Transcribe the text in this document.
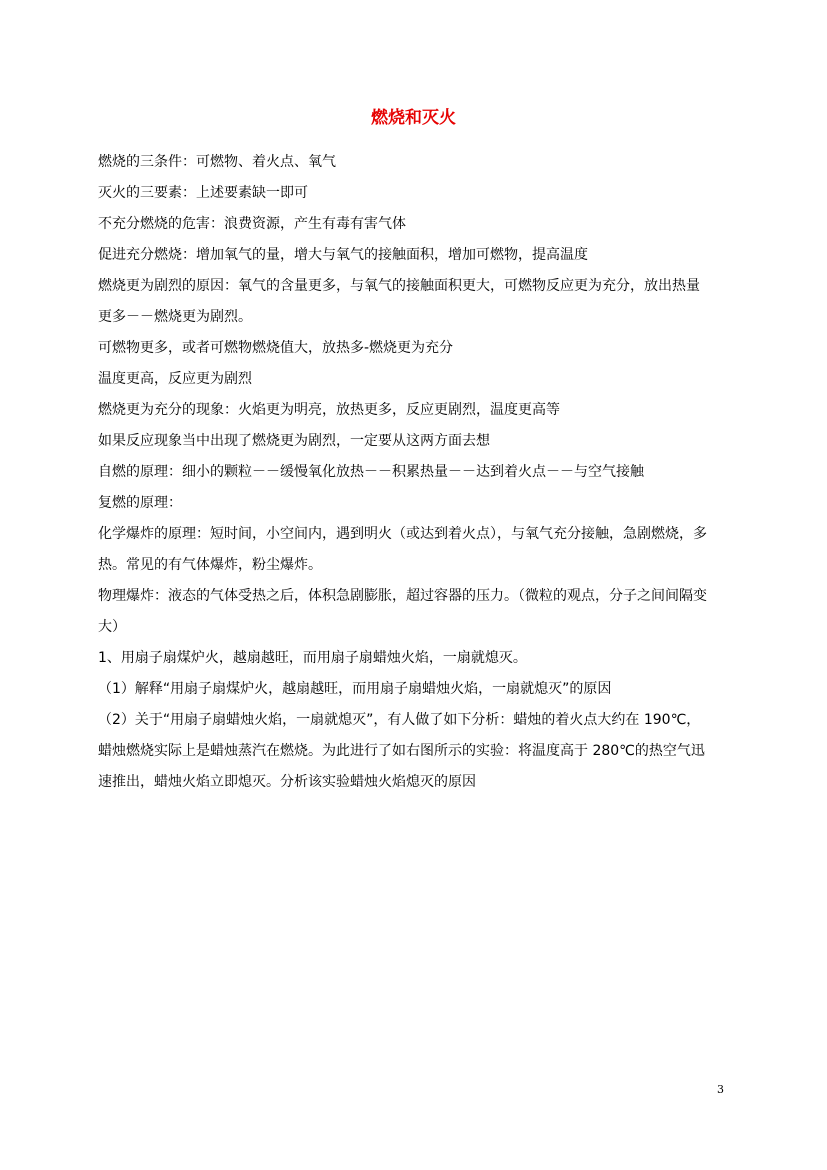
燃烧和灭火

燃烧的三条件：可燃物、着火点、氧气

灭火的三要素：上述要素缺一即可

不充分燃烧的危害：浪费资源，产生有毒有害气体

促进充分燃烧：增加氧气的量，增大与氧气的接触面积，增加可燃物，提高温度

燃烧更为剧烈的原因：氧气的含量更多，与氧气的接触面积更大，可燃物反应更为充分，放出热量

更多－－燃烧更为剧烈。

可燃物更多，或者可燃物燃烧值大，放热多-燃烧更为充分

温度更高，反应更为剧烈

燃烧更为充分的现象：火焰更为明亮，放热更多，反应更剧烈，温度更高等

如果反应现象当中出现了燃烧更为剧烈，一定要从这两方面去想

自燃的原理：细小的颗粒－－缓慢氧化放热－－积累热量－－达到着火点－－与空气接触

复燃的原理：

化学爆炸的原理：短时间，小空间内，遇到明火（或达到着火点），与氧气充分接触，急剧燃烧，多

热。常见的有气体爆炸，粉尘爆炸。

物理爆炸：液态的气体受热之后，体积急剧膨胀，超过容器的压力。（微粒的观点，分子之间间隔变

大）

1、用扇子扇煤炉火，越扇越旺，而用扇子扇蜡烛火焰，一扇就熄灭。

（1）解释“用扇子扇煤炉火，越扇越旺，而用扇子扇蜡烛火焰，一扇就熄灭”的原因

（2）关于“用扇子扇蜡烛火焰，一扇就熄灭”，有人做了如下分析：蜡烛的着火点大约在 190℃，

蜡烛燃烧实际上是蜡烛蒸汽在燃烧。为此进行了如右图所示的实验：将温度高于 280℃的热空气迅

速推出，蜡烛火焰立即熄灭。分析该实验蜡烛火焰熄灭的原因

3
